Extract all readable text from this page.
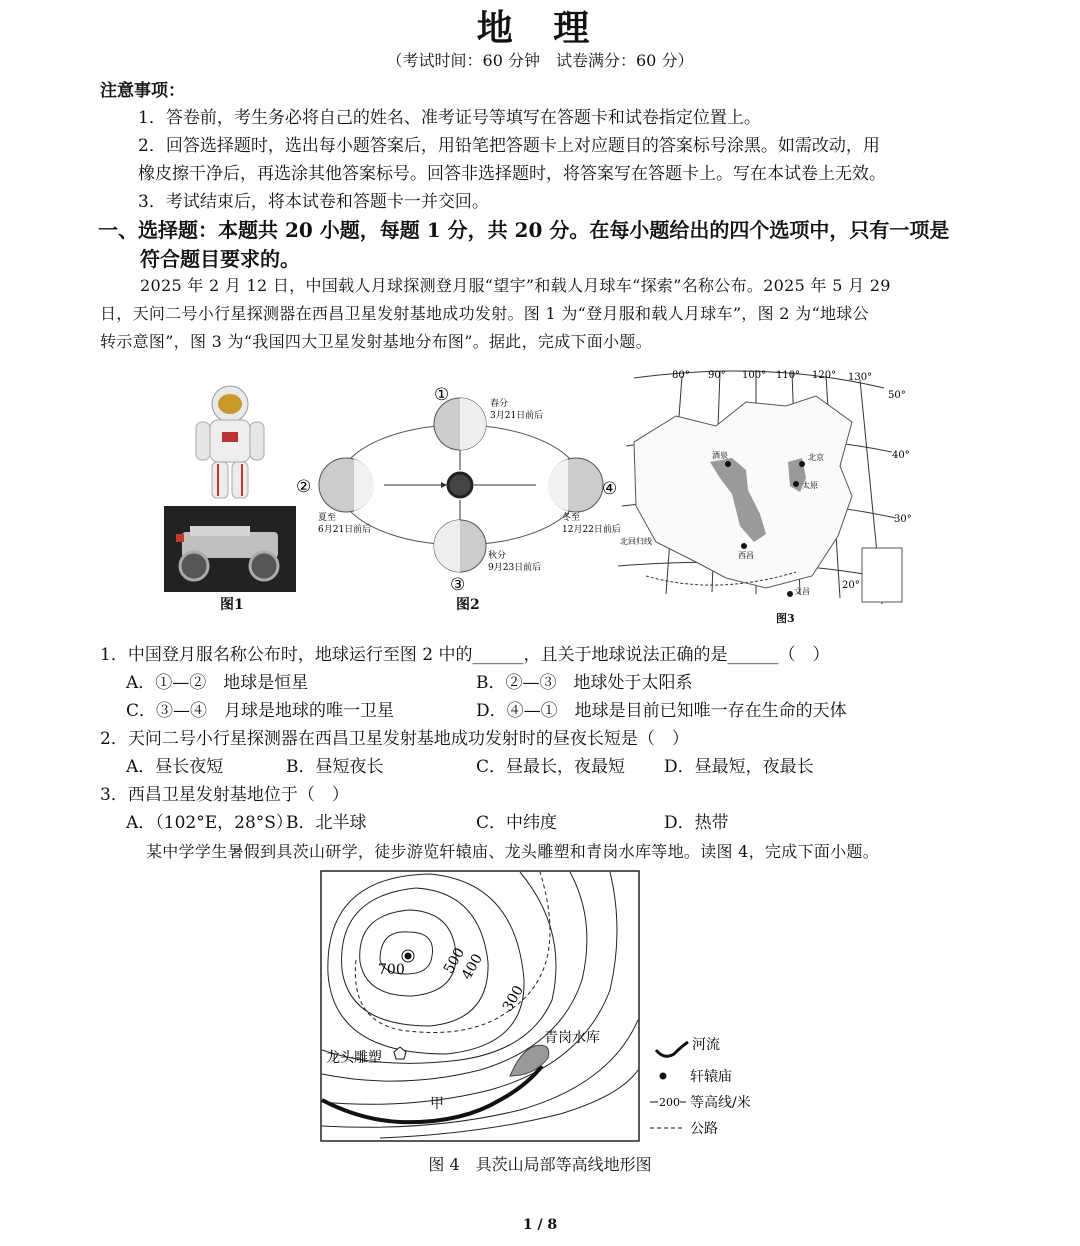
地 理
（考试时间：60 分钟　试卷满分：60 分）
注意事项：
1．答卷前，考生务必将自己的姓名、准考证号等填写在答题卡和试卷指定位置上。
2．回答选择题时，选出每小题答案后，用铅笔把答题卡上对应题目的答案标号涂黑。如需改动，用
橡皮擦干净后，再选涂其他答案标号。回答非选择题时，将答案写在答题卡上。写在本试卷上无效。
3．考试结束后，将本试卷和答题卡一并交回。
一、选择题：本题共 20 小题，每题 1 分，共 20 分。在每小题给出的四个选项中，只有一项是
符合题目要求的。
2025 年 2 月 12 日，中国载人月球探测登月服“望宇”和载人月球车“探索”名称公布。2025 年 5 月 29
日，天问二号小行星探测器在西昌卫星发射基地成功发射。图 1 为“登月服和载人月球车”，图 2 为“地球公
转示意图”，图 3 为“我国四大卫星发射基地分布图”。据此，完成下面小题。
图1
①
②
③
④
春分
3月21日前后
夏至
6月21日前后
秋分
9月23日前后
冬至
12月22日前后
图2
80° 90° 100° 110° 120° 130°
50°
40°
30°
20°
酒泉	北京
太原
西昌
文昌
北回归线
图3
1．中国登月服名称公布时，地球运行至图 2 中的______，且关于地球说法正确的是______（　）
A．①—②　地球是恒星	B．②—③　地球处于太阳系
C．③—④　月球是地球的唯一卫星	D．④—①　地球是目前已知唯一存在生命的天体
2．天问二号小行星探测器在西昌卫星发射基地成功发射时的昼夜长短是（　）
A．昼长夜短	B．昼短夜长	C．昼最长，夜最短 D．昼最短，夜最长
3．西昌卫星发射基地位于（　）
A．（102°E，28°S）
B．北半球	C．中纬度	D．热带
某中学学生暑假到具茨山研学，徒步游览轩辕庙、龙头雕塑和青岗水库等地。读图 4，完成下面小题。
700	500
400
300
青岗水库
龙头雕塑
甲
河流
轩辕庙
200 等高线/米
公路
图 4　具茨山局部等高线地形图
1 / 8
